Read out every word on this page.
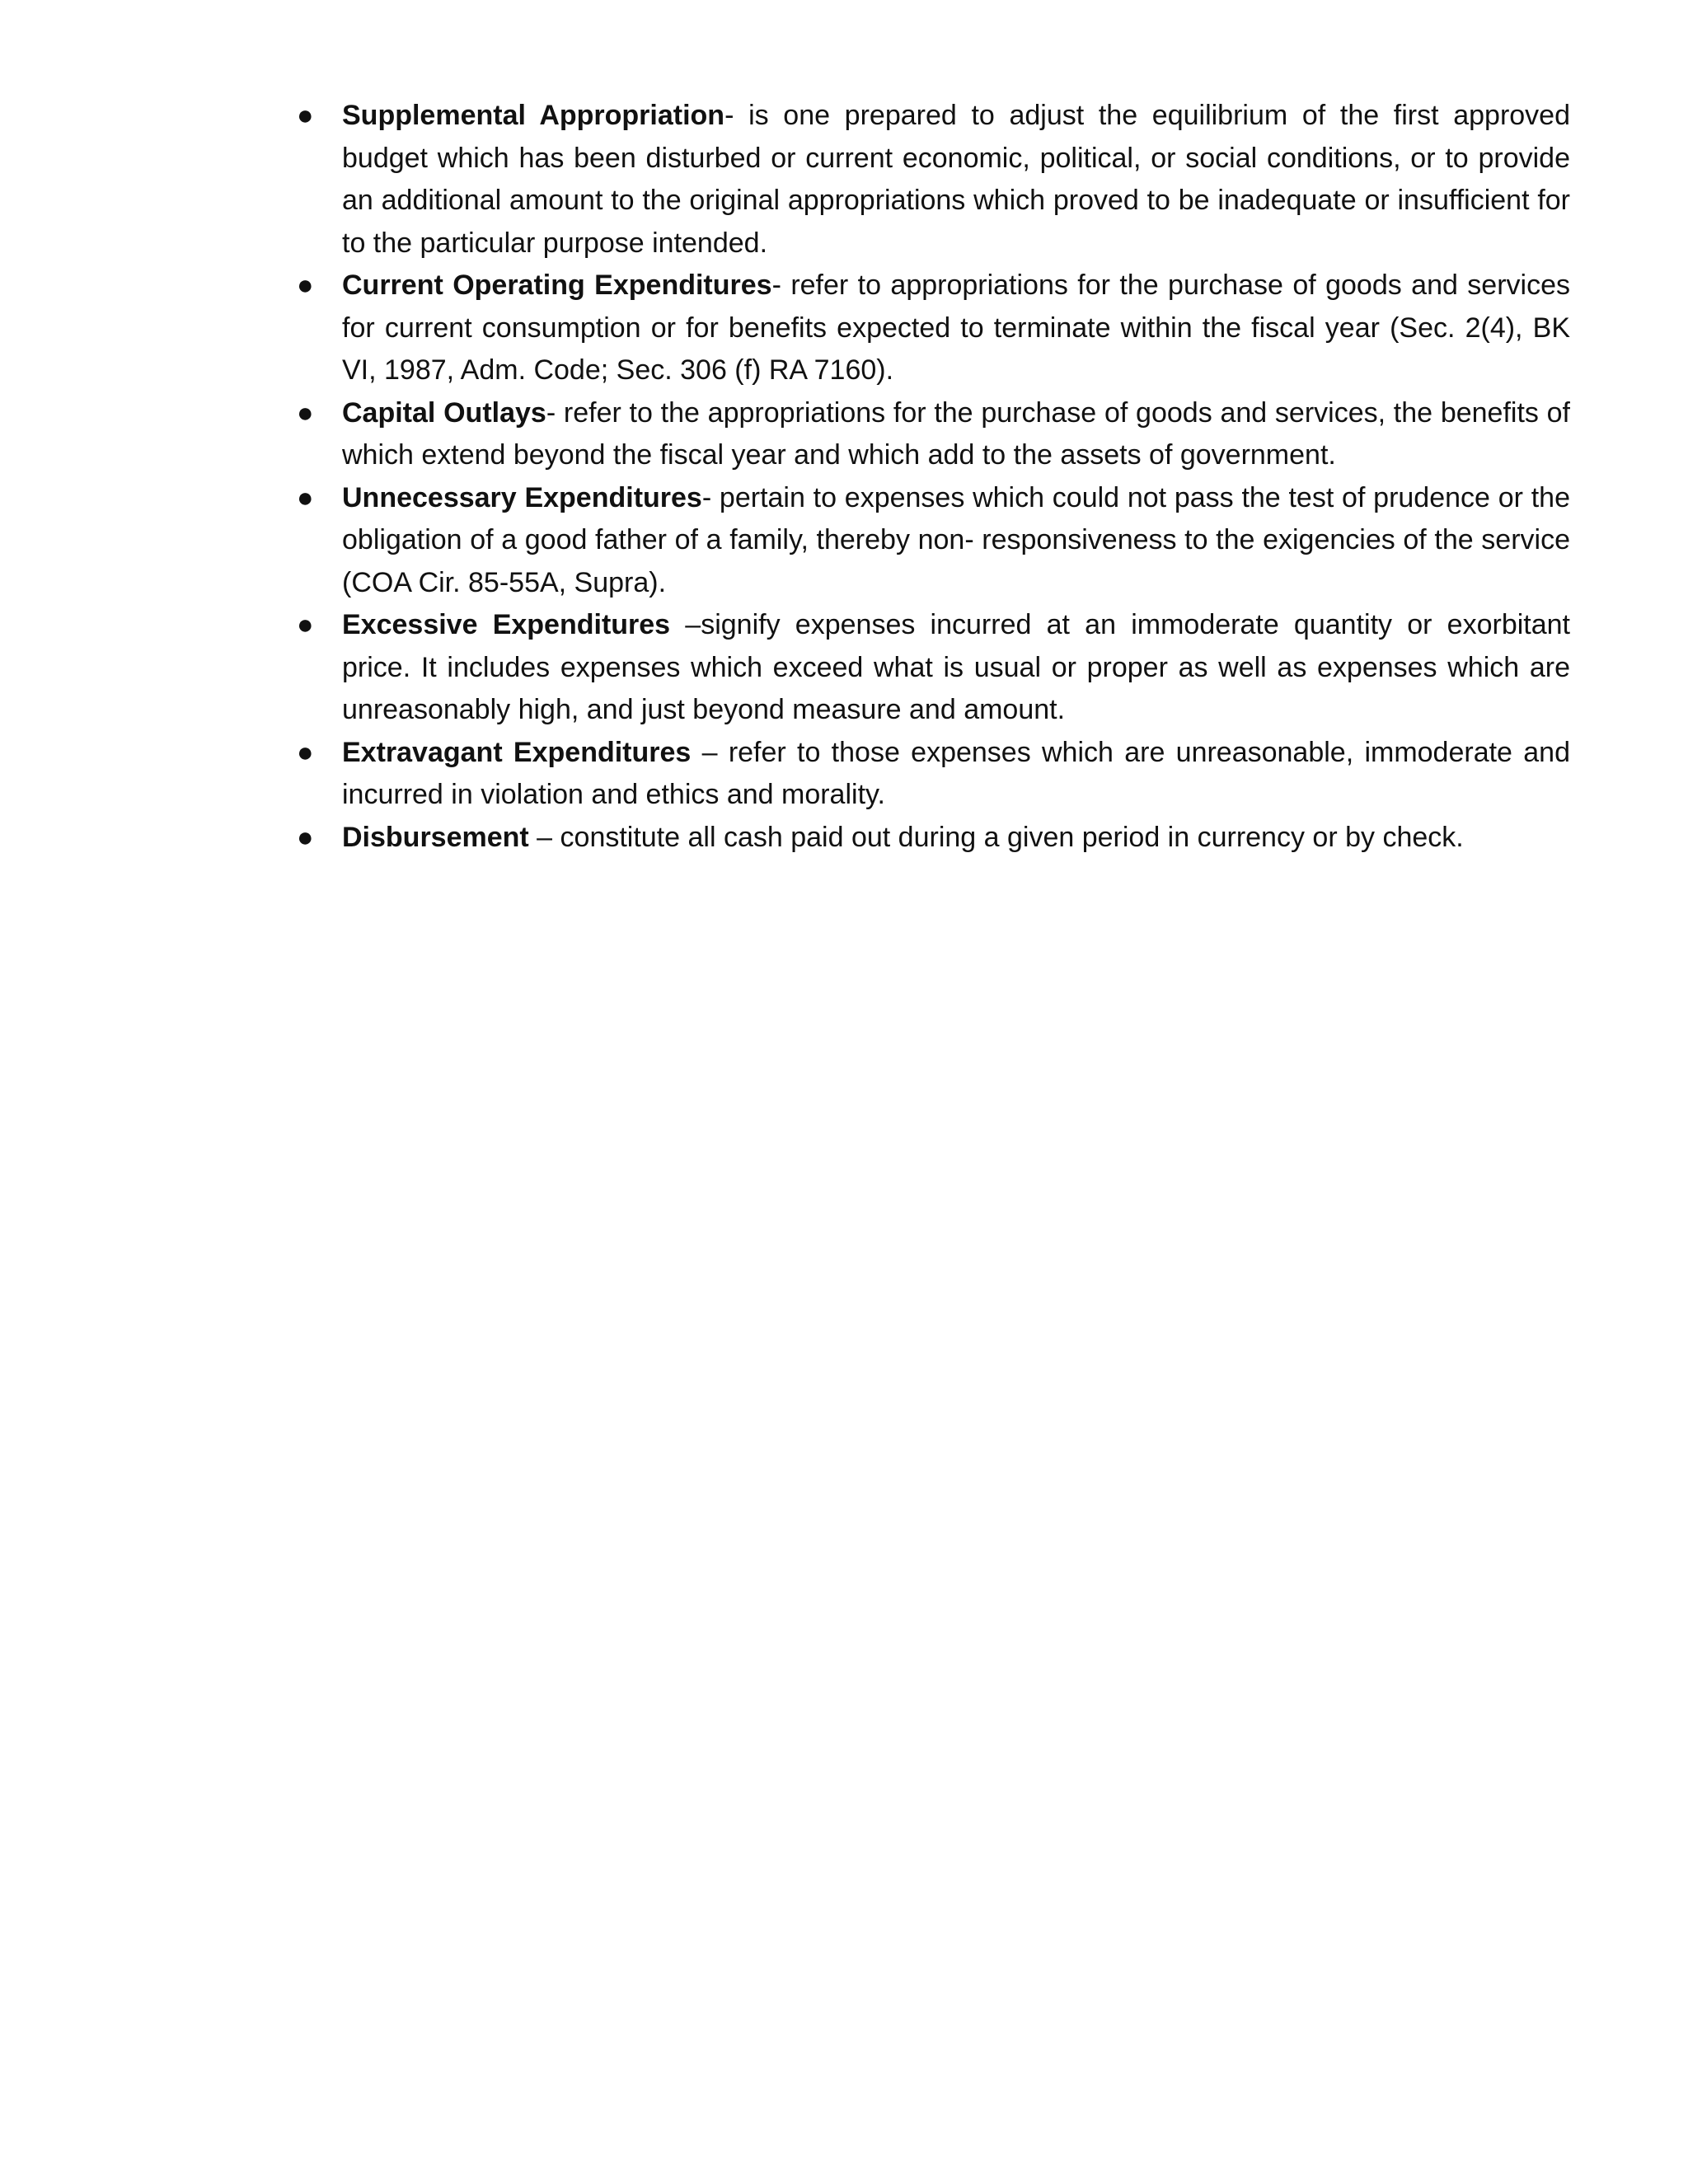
● Supplemental Appropriation- is one prepared to adjust the equilibrium of the first approved budget which has been disturbed or current economic, political, or social conditions, or to provide an additional amount to the original appropriations which proved to be inadequate or insufficient for to the particular purpose intended.
● Current Operating Expenditures- refer to appropriations for the purchase of goods and services for current consumption or for benefits expected to terminate within the fiscal year (Sec. 2(4), BK VI, 1987, Adm. Code; Sec. 306 (f) RA 7160).
● Capital Outlays- refer to the appropriations for the purchase of goods and services, the benefits of which extend beyond the fiscal year and which add to the assets of government.
● Unnecessary Expenditures- pertain to expenses which could not pass the test of prudence or the obligation of a good father of a family, thereby non- responsiveness to the exigencies of the service (COA Cir. 85-55A, Supra).
● Excessive Expenditures –signify expenses incurred at an immoderate quantity or exorbitant price. It includes expenses which exceed what is usual or proper as well as expenses which are unreasonably high, and just beyond measure and amount.
● Extravagant Expenditures – refer to those expenses which are unreasonable, immoderate and incurred in violation and ethics and morality.
● Disbursement – constitute all cash paid out during a given period in currency or by check.
